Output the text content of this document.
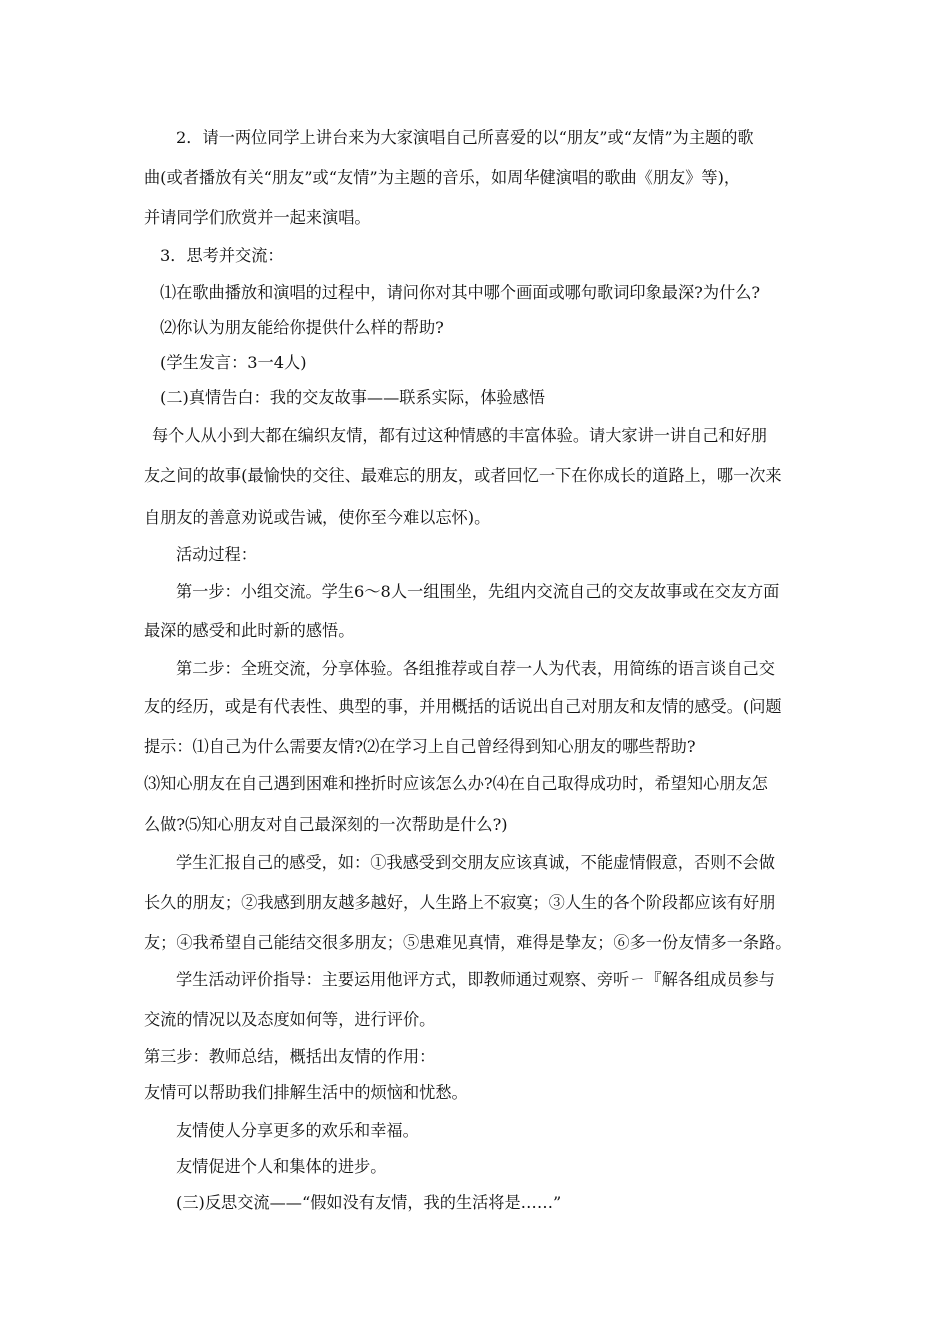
2．请一两位同学上讲台来为大家演唱自己所喜爱的以“朋友”或“友情”为主题的歌
曲(或者播放有关“朋友”或“友情”为主题的音乐，如周华健演唱的歌曲《朋友》等)，
并请同学们欣赏并一起来演唱。
3．思考并交流：
⑴在歌曲播放和演唱的过程中，请问你对其中哪个画面或哪句歌词印象最深?为什么?
⑵你认为朋友能给你提供什么样的帮助?
(学生发言：3一4人)
(二)真情告白：我的交友故事——联系实际，体验感悟
每个人从小到大都在编织友情，都有过这种情感的丰富体验。请大家讲一讲自己和好朋
友之间的故事(最愉快的交往、最难忘的朋友，或者回忆一下在你成长的道路上，哪一次来
自朋友的善意劝说或告诫，使你至今难以忘怀)。
活动过程：
第一步：小组交流。学生6～8人一组围坐，先组内交流自己的交友故事或在交友方面
最深的感受和此时新的感悟。
第二步：全班交流，分享体验。各组推荐或自荐一人为代表，用简练的语言谈自己交
友的经历，或是有代表性、典型的事，并用概括的话说出自己对朋友和友情的感受。(问题
提示：⑴自己为什么需要友情?⑵在学习上自己曾经得到知心朋友的哪些帮助?
⑶知心朋友在自己遇到困难和挫折时应该怎么办?⑷在自己取得成功时，希望知心朋友怎
么做?⑸知心朋友对自己最深刻的一次帮助是什么?)
学生汇报自己的感受，如：①我感受到交朋友应该真诚，不能虚情假意，否则不会做
长久的朋友；②我感到朋友越多越好，人生路上不寂寞；③人生的各个阶段都应该有好朋
友；④我希望自己能结交很多朋友；⑤患难见真情，难得是挚友；⑥多一份友情多一条路。
学生活动评价指导：主要运用他评方式，即教师通过观察、旁听ㄧ『解各组成员参与
交流的情况以及态度如何等，进行评价。
第三步：教师总结，概括出友情的作用：
友情可以帮助我们排解生活中的烦恼和忧愁。
友情使人分享更多的欢乐和幸福。
友情促进个人和集体的进步。
(三)反思交流——“假如没有友情，我的生活将是……”
